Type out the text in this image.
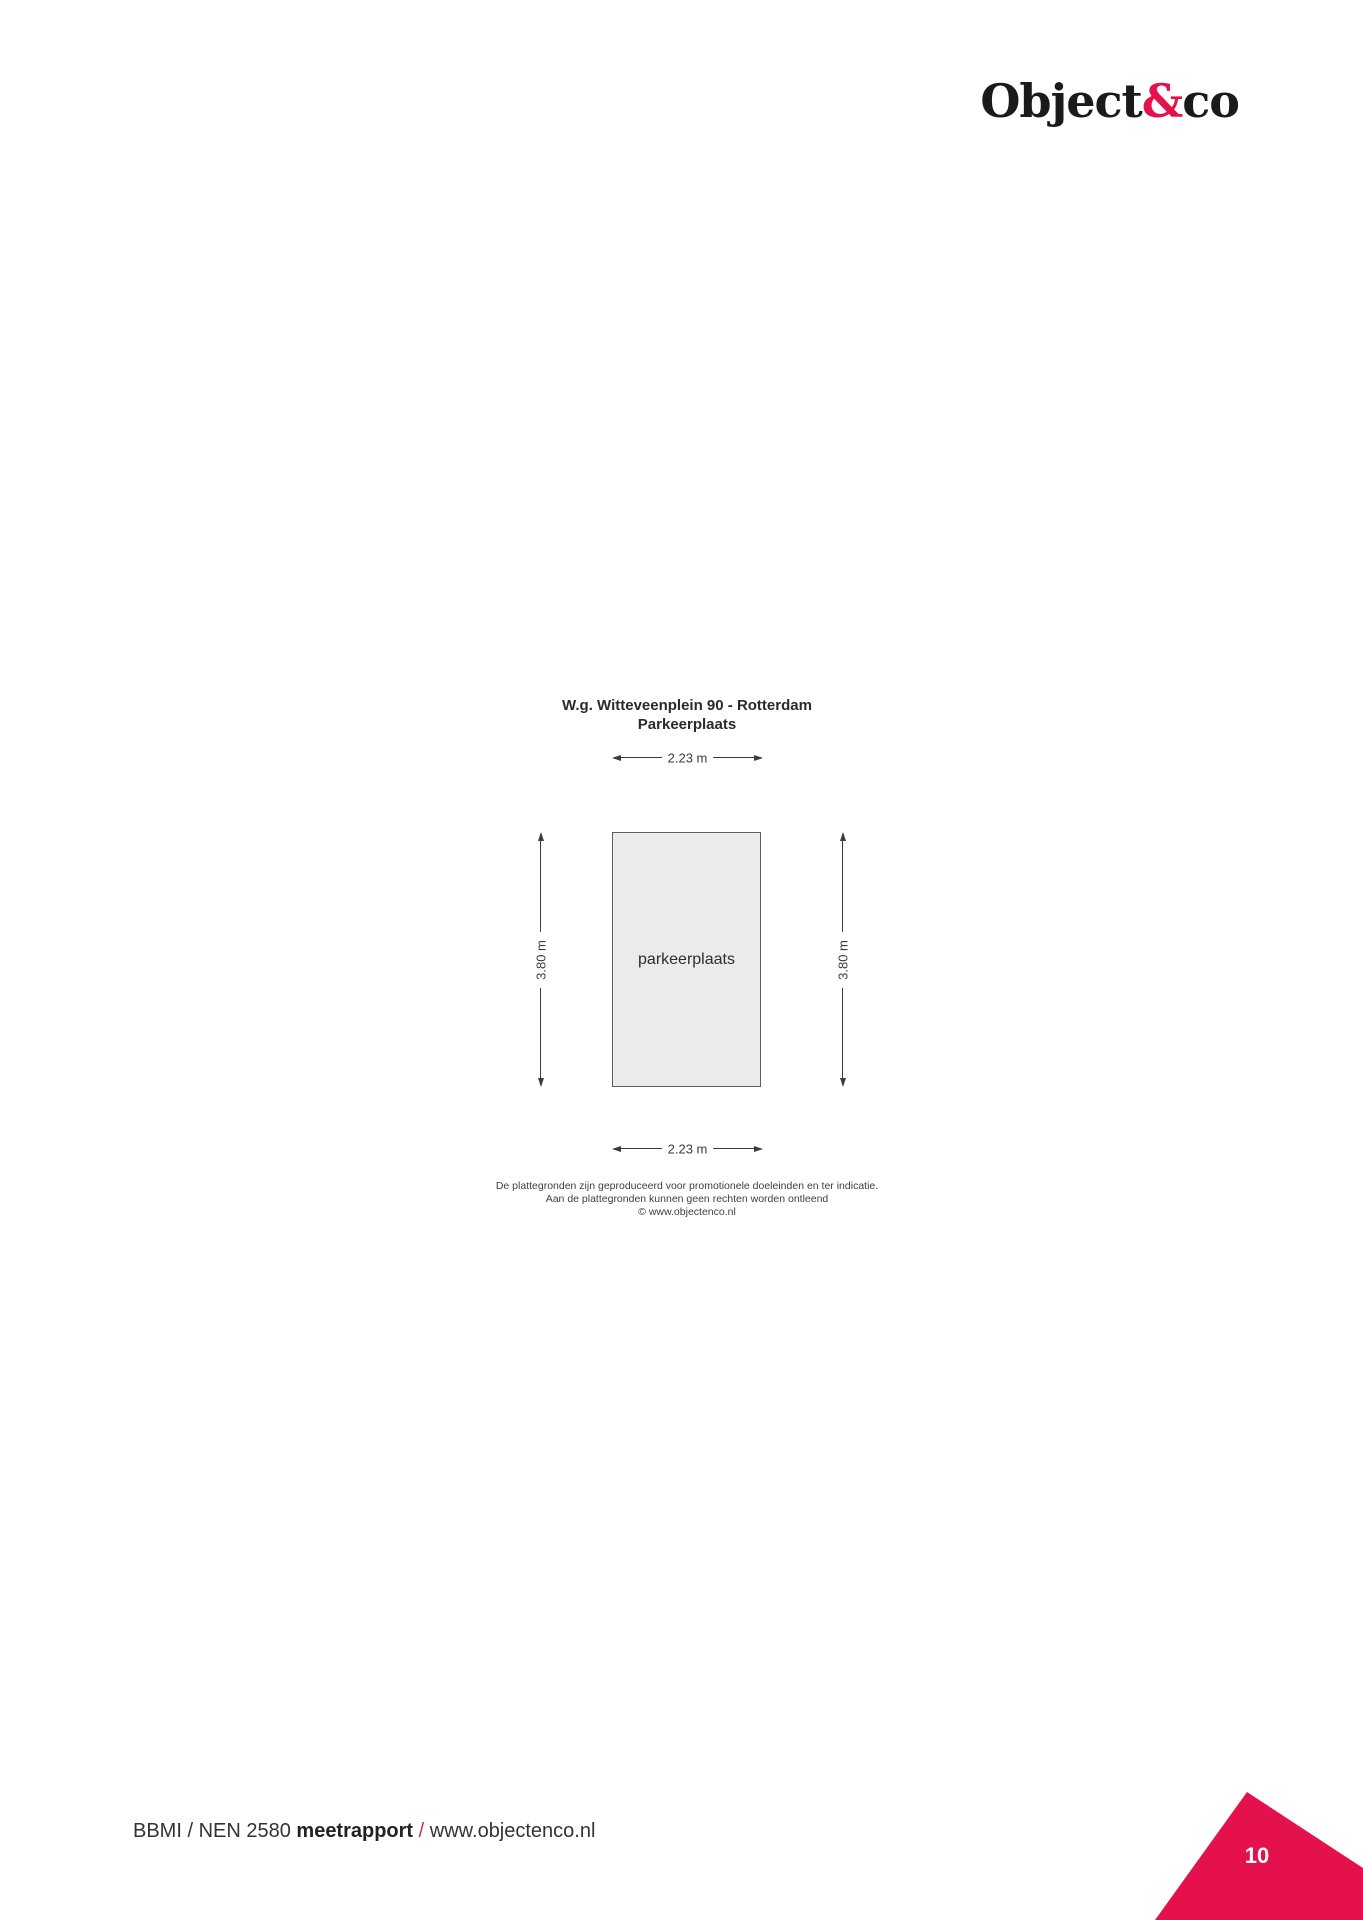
Object&co
W.g. Witteveenplein 90 - Rotterdam
Parkeerplaats
2.23 m
3.80 m	parkeerplaats	3.80 m
2.23 m
De plattegronden zijn geproduceerd voor promotionele doeleinden en ter indicatie.
Aan de plattegronden kunnen geen rechten worden ontleend
© www.objectenco.nl
BBMI / NEN 2580 meetrapport / www.objectenco.nl
10
